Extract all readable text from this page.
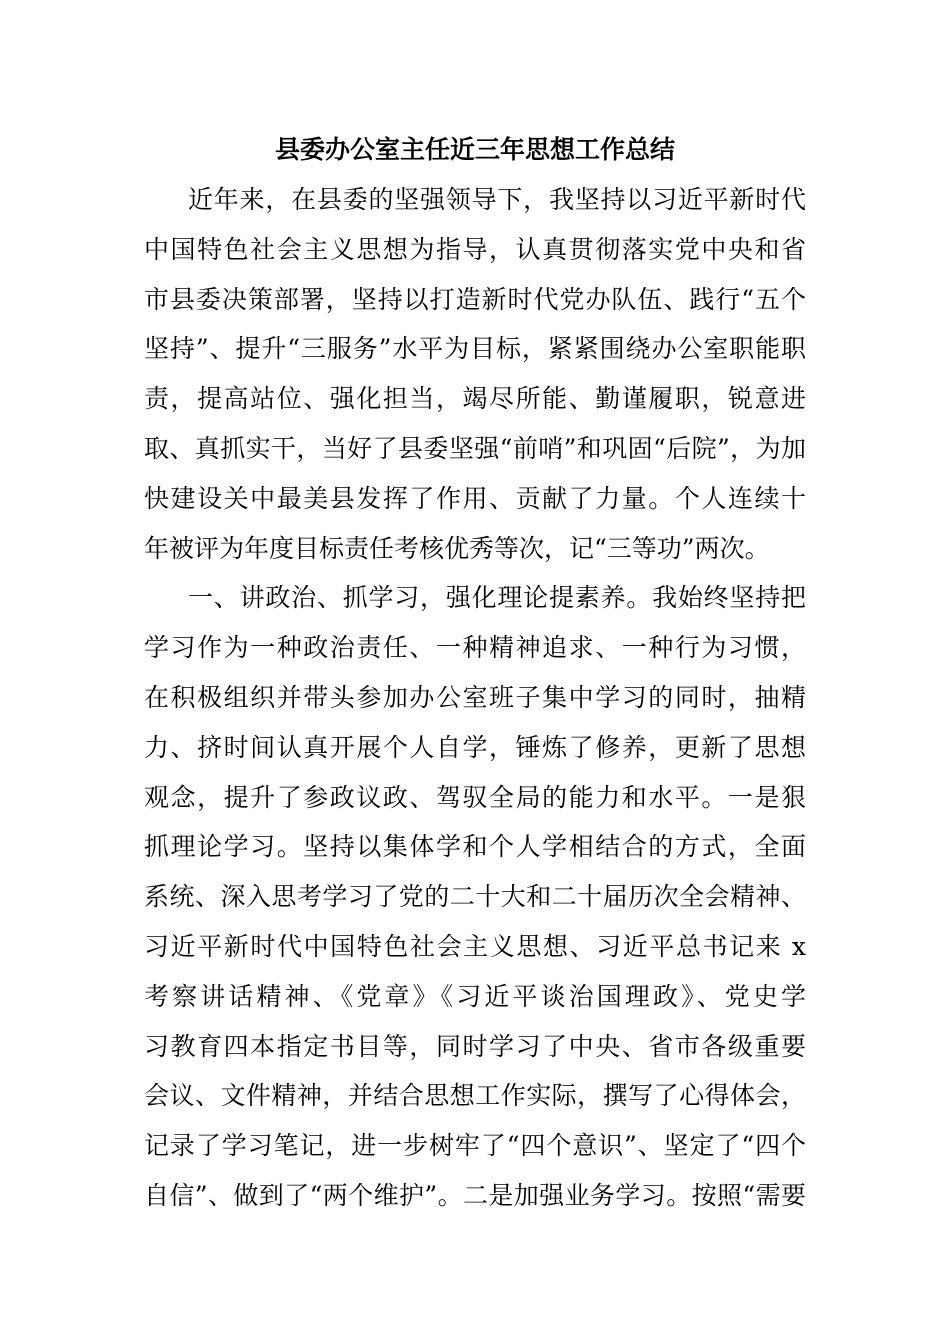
县委办公室主任近三年思想工作总结
近年来，在县委的坚强领导下，我坚持以习近平新时代
中国特色社会主义思想为指导，认真贯彻落实党中央和省
市县委决策部署，坚持以打造新时代党办队伍、践行“五个
坚持”、提升“三服务”水平为目标，紧紧围绕办公室职能职
责，提高站位、强化担当，竭尽所能、勤谨履职，锐意进
取、真抓实干，当好了县委坚强“前哨”和巩固“后院”，为加
快建设关中最美县发挥了作用、贡献了力量。个人连续十
年被评为年度目标责任考核优秀等次，记“三等功”两次。
一、讲政治、抓学习，强化理论提素养。我始终坚持把
学习作为一种政治责任、一种精神追求、一种行为习惯，
在积极组织并带头参加办公室班子集中学习的同时，抽精
力、挤时间认真开展个人自学，锤炼了修养，更新了思想
观念，提升了参政议政、驾驭全局的能力和水平。一是狠
抓理论学习。坚持以集体学和个人学相结合的方式，全面
系统、深入思考学习了党的二十大和二十届历次全会精神、
习近平新时代中国特色社会主义思想、习近平总书记来 x
考察讲话精神、《党章》《习近平谈治国理政》、党史学
习教育四本指定书目等，同时学习了中央、省市各级重要
会议、文件精神，并结合思想工作实际，撰写了心得体会，
记录了学习笔记，进一步树牢了“四个意识”、坚定了“四个
自信”、做到了“两个维护”。二是加强业务学习。按照“需要
